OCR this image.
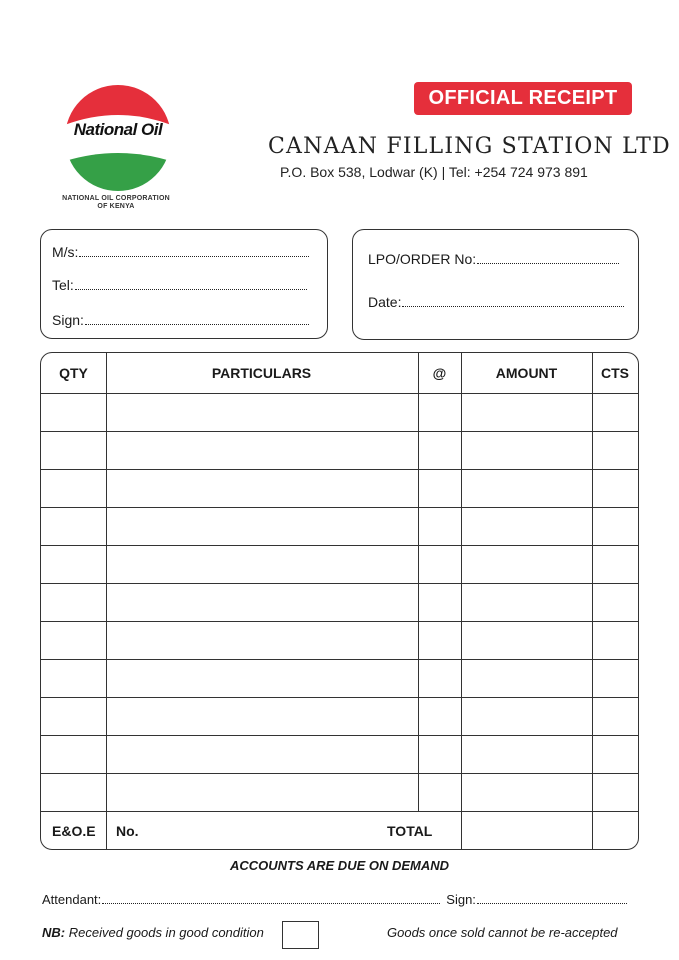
National Oil
NATIONAL OIL CORPORATION
OF KENYA
OFFICIAL RECEIPT
CANAAN FILLING STATION LTD
P.O. Box 538, Lodwar (K) | Tel: +254 724 973 891
M/s:
Tel:
Sign:
LPO/ORDER No:
Date:
QTY	PARTICULARS	@	AMOUNT	CTS
E&O.E No.	TOTAL
ACCOUNTS ARE DUE ON DEMAND
Attendant:	Sign:
NB: Received goods in good condition	Goods once sold cannot be re-accepted
